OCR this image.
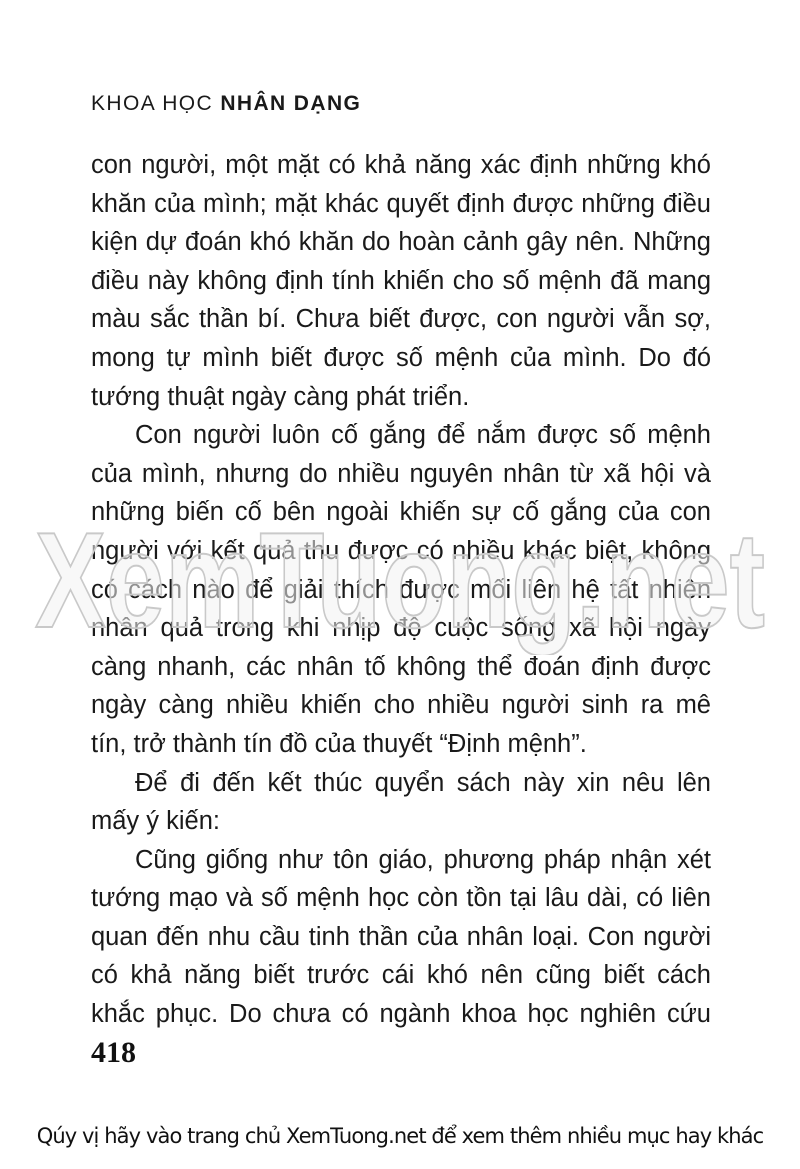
KHOA HỌC NHÂN DẠNG
con người, một mặt có khả năng xác định những khó
khăn của mình; mặt khác quyết định được những điều
kiện dự đoán khó khăn do hoàn cảnh gây nên. Những
điều này không định tính khiến cho số mệnh đã mang
màu sắc thần bí. Chưa biết được, con người vẫn sợ,
mong tự mình biết được số mệnh của mình. Do đó
tướng thuật ngày càng phát triển.
Con người luôn cố gắng để nắm được số mệnh
của mình, nhưng do nhiều nguyên nhân từ xã hội và
những biến cố bên ngoài khiến sự cố gắng của con
người với kết quả thu được có nhiều khác biệt, không
có cách nào để giải thích được mối liên hệ tất nhiên
nhân quả trong khi nhịp độ cuộc sống xã hội ngày
càng nhanh, các nhân tố không thể đoán định được
ngày càng nhiều khiến cho nhiều người sinh ra mê
tín, trở thành tín đồ của thuyết “Định mệnh”.
Để đi đến kết thúc quyển sách này xin nêu lên
mấy ý kiến:
Cũng giống như tôn giáo, phương pháp nhận xét
tướng mạo và số mệnh học còn tồn tại lâu dài, có liên
quan đến nhu cầu tinh thần của nhân loại. Con người
có khả năng biết trước cái khó nên cũng biết cách
khắc phục. Do chưa có ngành khoa học nghiên cứu
XemTuong.net
418
Qúy vị hãy vào trang chủ XemTuong.net để xem thêm nhiều mục hay khác
